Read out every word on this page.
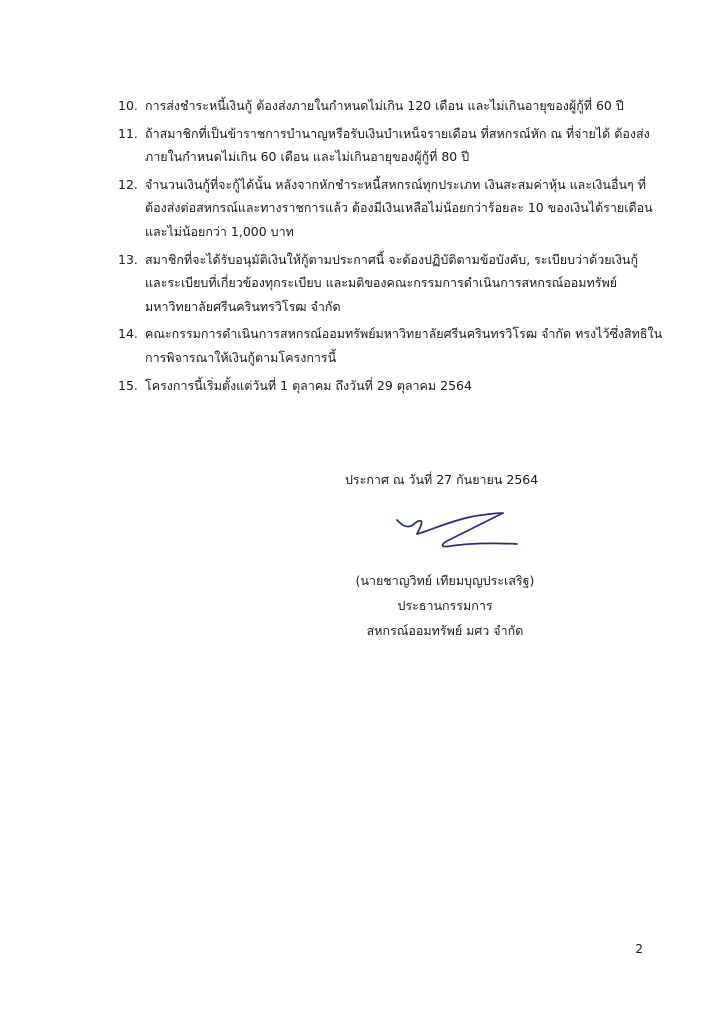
10. การส่งชำระหนี้เงินกู้ ต้องส่งภายในกำหนดไม่เกิน 120 เดือน และไม่เกินอายุของผู้กู้ที่ 60 ปี
11. ถ้าสมาชิกที่เป็นข้าราชการบำนาญหรือรับเงินบำเหน็จรายเดือน ที่สหกรณ์หัก ณ ที่จ่ายได้ ต้องส่ง
ภายในกำหนดไม่เกิน 60 เดือน และไม่เกินอายุของผู้กู้ที่ 80 ปี
12. จำนวนเงินกู้ที่จะกู้ได้นั้น หลังจากหักชำระหนี้สหกรณ์ทุกประเภท เงินสะสมค่าหุ้น และเงินอื่นๆ ที่
ต้องส่งต่อสหกรณ์และทางราชการแล้ว ต้องมีเงินเหลือไม่น้อยกว่าร้อยละ 10 ของเงินได้รายเดือน
และไม่น้อยกว่า 1,000 บาท
13. สมาชิกที่จะได้รับอนุมัติเงินให้กู้ตามประกาศนี้ จะต้องปฏิบัติตามข้อบังคับ, ระเบียบว่าด้วยเงินกู้
และระเบียบที่เกี่ยวข้องทุกระเบียบ และมติของคณะกรรมการดำเนินการสหกรณ์ออมทรัพย์
มหาวิทยาลัยศรีนครินทรวิโรฒ จำกัด
14. คณะกรรมการดำเนินการสหกรณ์ออมทรัพย์มหาวิทยาลัยศรีนครินทรวิโรฒ จำกัด ทรงไว้ซึ่งสิทธิใน
การพิจารณาให้เงินกู้ตามโครงการนี้
15. โครงการนี้เริ่มตั้งแต่วันที่ 1 ตุลาคม ถึงวันที่ 29 ตุลาคม 2564
ประกาศ ณ วันที่ 27 กันยายน 2564
(นายชาญวิทย์ เทียมบุญประเสริฐ)
ประธานกรรมการ
สหกรณ์ออมทรัพย์ มศว จำกัด
2
